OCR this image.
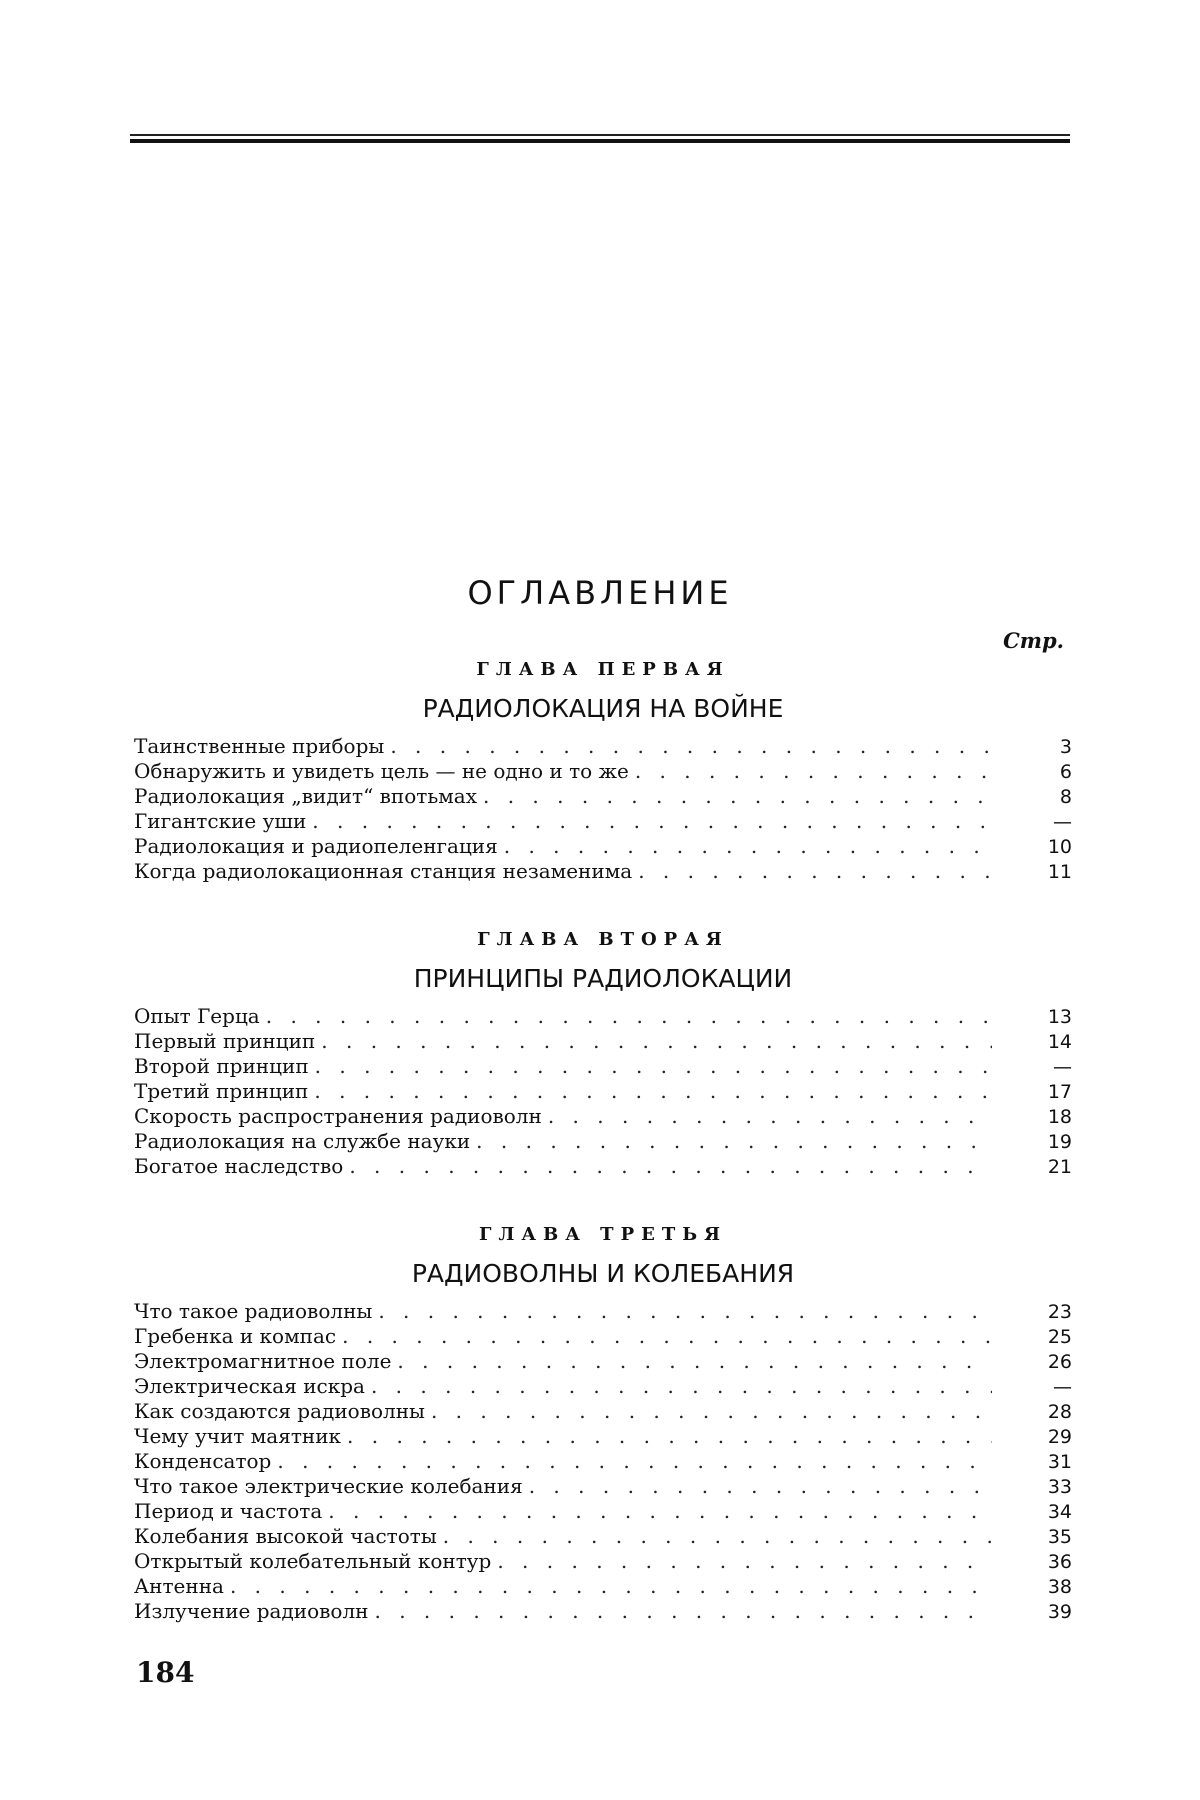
ОГЛАВЛЕНИЕ
Стр.
ГЛАВА ПЕРВАЯ
РАДИОЛОКАЦИЯ НА ВОЙНЕ
Таинственные приборы . . .	3
Обнаружить и увидеть цель — не одно и то же . . .	6
Радиолокация „видит“ впотьмах . . .	8
Гигантские уши . . .	—
Радиолокация и радиопеленгация . . .	10
Когда радиолокационная станция незаменима . . .	11
ГЛАВА ВТОРАЯ
ПРИНЦИПЫ РАДИОЛОКАЦИИ
Опыт Герца . . .	13
Первый принцип . . .	14
Второй принцип . . .	—
Третий принцип . . .	17
Скорость распространения радиоволн . . .	18
Радиолокация на службе науки . . .	19
Богатое наследство . . .	21
ГЛАВА ТРЕТЬЯ
РАДИОВОЛНЫ И КОЛЕБАНИЯ
Что такое радиоволны . . .	23
Гребенка и компас . . .	25
Электромагнитное поле . . .	26
Электрическая искра . . .	—
Как создаются радиоволны . . .	28
Чему учит маятник . . .	29
Конденсатор . . .	31
Что такое электрические колебания . . .	33
Период и частота . . .	34
Колебания высокой частоты . . .	35
Открытый колебательный контур . . .	36
Антенна . . .	38
Излучение радиоволн . . .	39
184
